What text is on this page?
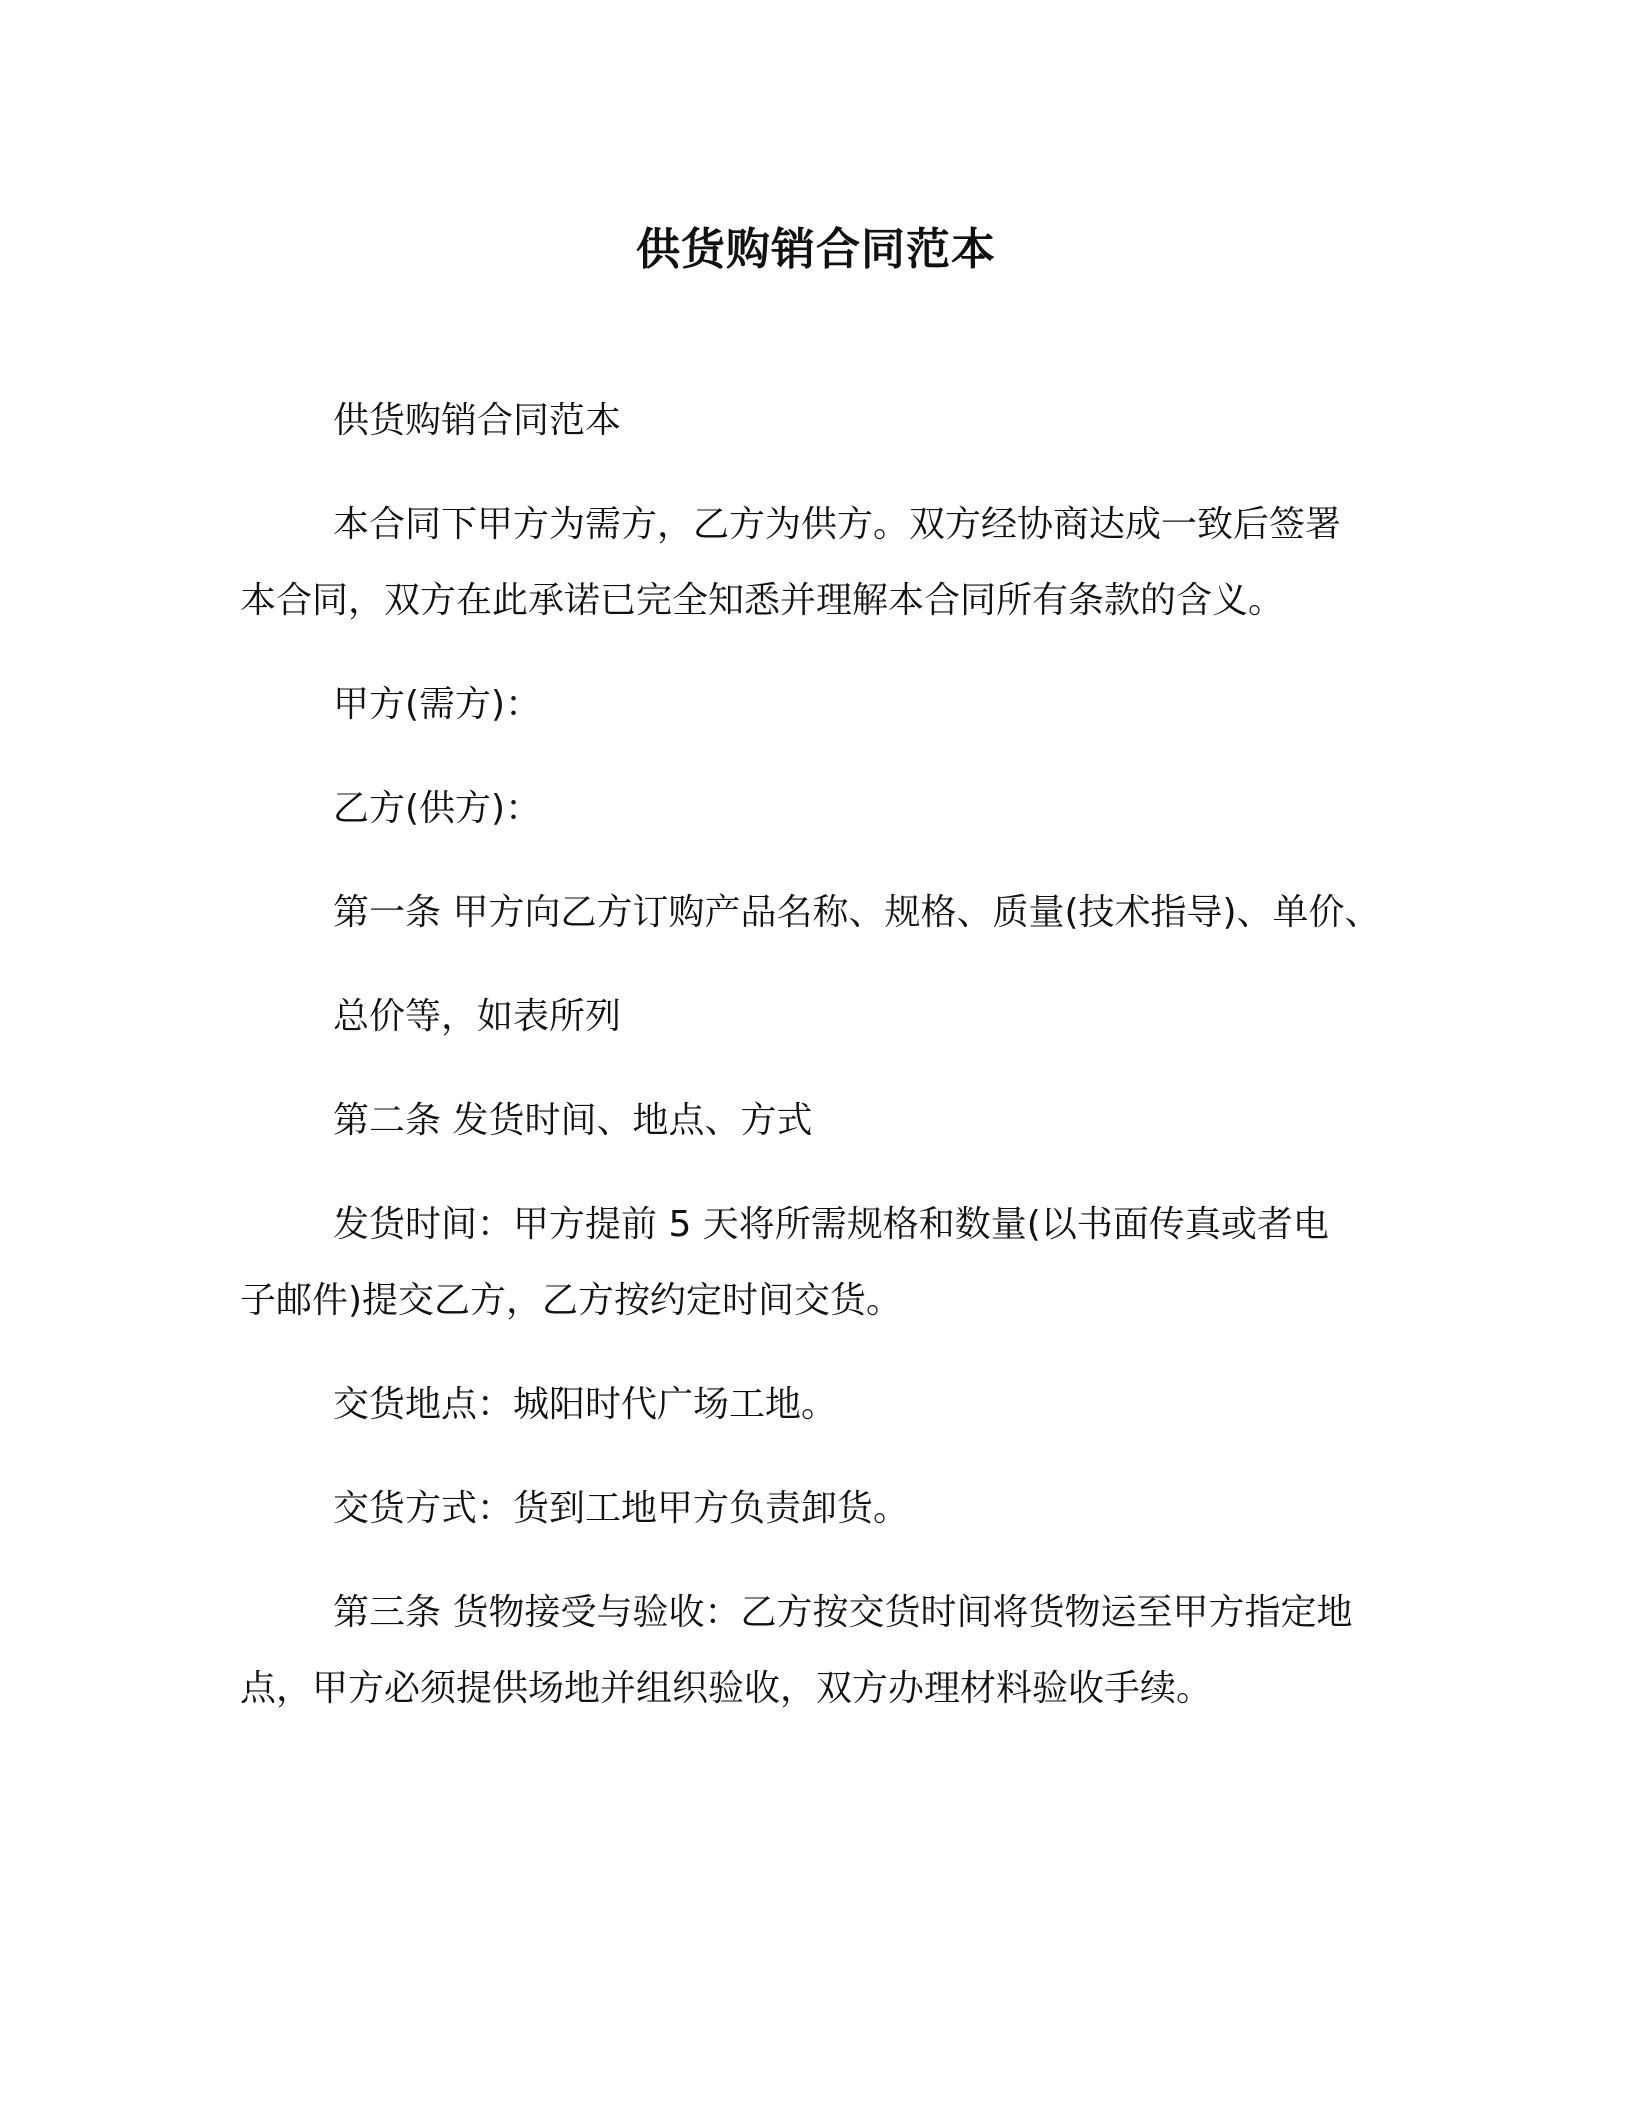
供货购销合同范本
供货购销合同范本
本合同下甲方为需方，乙方为供方。双方经协商达成一致后签署
本合同，双方在此承诺已完全知悉并理解本合同所有条款的含义。
甲方(需方)：
乙方(供方)：
第一条 甲方向乙方订购产品名称、规格、质量(技术指导)、单价、
总价等，如表所列
第二条 发货时间、地点、方式
发货时间：甲方提前 5 天将所需规格和数量(以书面传真或者电
子邮件)提交乙方，乙方按约定时间交货。
交货地点：城阳时代广场工地。
交货方式：货到工地甲方负责卸货。
第三条 货物接受与验收：乙方按交货时间将货物运至甲方指定地
点，甲方必须提供场地并组织验收，双方办理材料验收手续。
